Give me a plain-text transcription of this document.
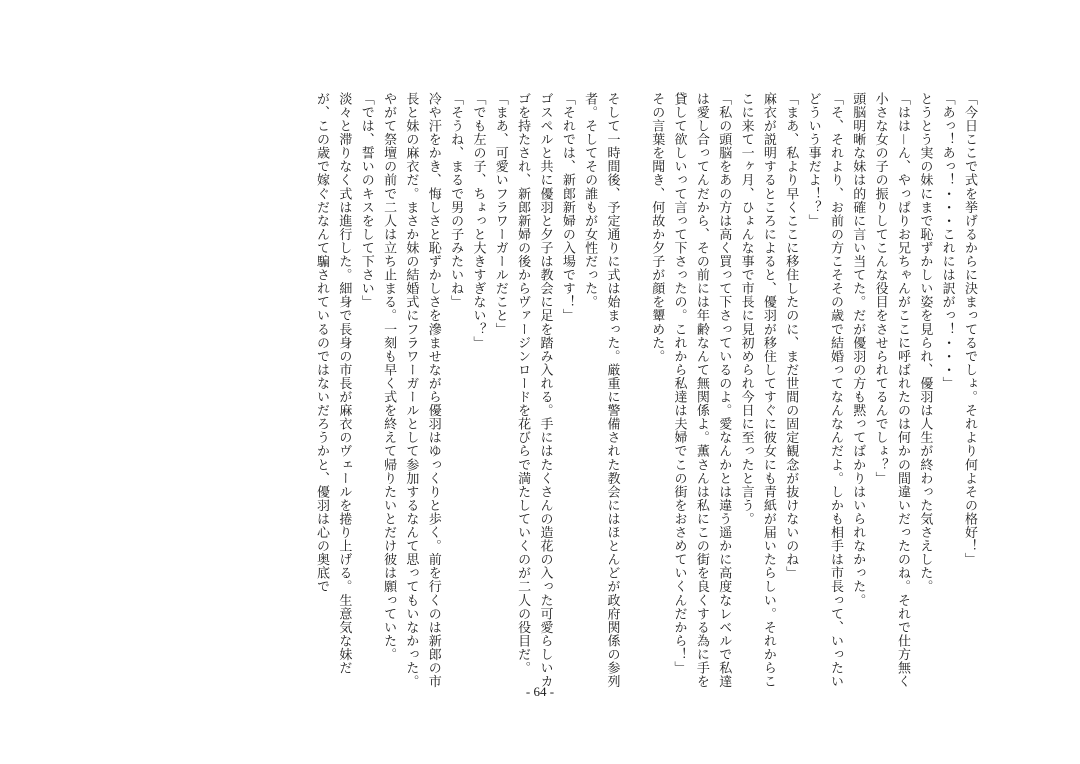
「今日ここで式を挙げるからに決まってるでしょ。それより何よその格好！」

「あっ！あっ！・・・これには訳がっ！・・・」

とうとう実の妹にまで恥ずかしい姿を見られ、優羽は人生が終わった気さえした。

「はは－ん、やっぱりお兄ちゃんがここに呼ばれたのは何かの間違いだったのね。それで仕方無く小さな女の子の振りしてこんな役目をさせられてるんでしょ？」

頭脳明晰な妹は的確に言い当てた。だが優羽の方も黙ってばかりはいられなかった。

「そ、それより、お前の方こそその歳で結婚ってなんなんだよ。しかも相手は市長って、いったいどういう事だよ！？」

「まあ、私より早くここに移住したのに、まだ世間の固定観念が抜けないのね」

麻衣が説明するところによると、優羽が移住してすぐに彼女にも青紙が届いたらしい。それからここに来て一ヶ月、ひょんな事で市長に見初められ今日に至ったと言う。

「私の頭脳をあの方は高く買って下さっているのよ。愛なんかとは違う遥かに高度なレベルで私達は愛し合ってんだから、その前には年齢なんて無関係よ。薫さんは私にこの街を良くする為に手を貸して欲しいって言って下さったの。これから私達は夫婦でこの街をおさめていくんだから！」

その言葉を聞き、何故か夕子が顔を顰めた。

そして一時間後、予定通りに式は始まった。厳重に警備された教会にはほとんどが政府関係の参列者。そしてその誰もが女性だった。

「それでは、新郎新婦の入場です！」

ゴスペルと共に優羽と夕子は教会に足を踏み入れる。手にはたくさんの造花の入った可愛らしいカゴを持たされ、新郎新婦の後からヴァージンロードを花びらで満たしていくのが二人の役目だ。

「まあ、可愛いフラワーガールだこと」

「でも左の子、ちょっと大きすぎない？」

「そうね、まるで男の子みたいね」

冷や汗をかき、悔しさと恥ずかしさを滲ませながら優羽はゆっくりと歩く。前を行くのは新郎の市長と妹の麻衣だ。まさか妹の結婚式にフラワーガールとして参加するなんて思ってもいなかった。

やがて祭壇の前で二人は立ち止まる。一刻も早く式を終えて帰りたいとだけ彼は願っていた。

「では、誓いのキスをして下さい」

淡々と滞りなく式は進行した。細身で長身の市長が麻衣のヴェールを捲り上げる。生意気な妹だが、この歳で嫁ぐだなんて騙されているのではないだろうかと、優羽は心の奥底で

- 64 -
